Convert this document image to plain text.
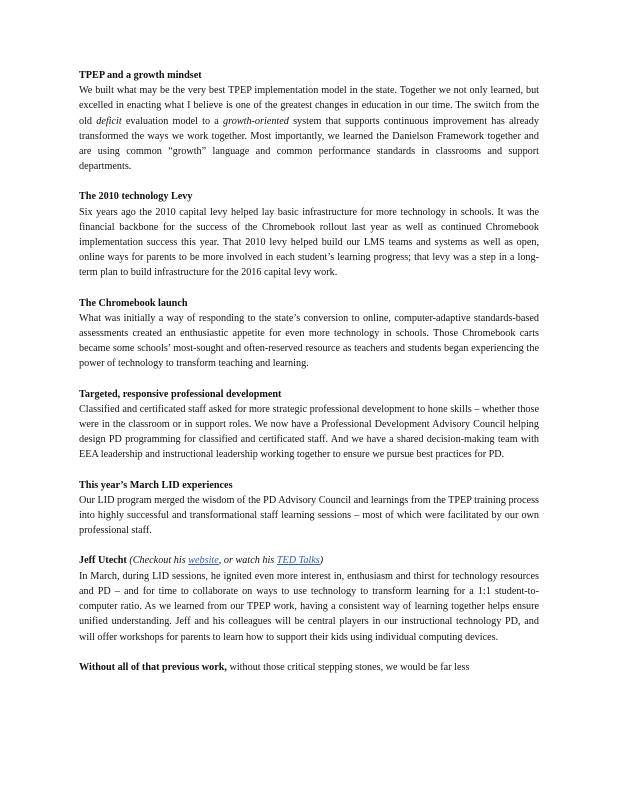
TPEP and a growth mindset
We built what may be the very best TPEP implementation model in the state. Together we not only learned, but excelled in enacting what I believe is one of the greatest changes in education in our time. The switch from the old deficit evaluation model to a growth-oriented system that supports continuous improvement has already transformed the ways we work together. Most importantly, we learned the Danielson Framework together and are using common “growth” language and common performance standards in classrooms and support departments.
The 2010 technology Levy
Six years ago the 2010 capital levy helped lay basic infrastructure for more technology in schools. It was the financial backbone for the success of the Chromebook rollout last year as well as continued Chromebook implementation success this year. That 2010 levy helped build our LMS teams and systems as well as open, online ways for parents to be more involved in each student’s learning progress; that levy was a step in a long-term plan to build infrastructure for the 2016 capital levy work.
The Chromebook launch
What was initially a way of responding to the state’s conversion to online, computer-adaptive standards-based assessments created an enthusiastic appetite for even more technology in schools. Those Chromebook carts became some schools’ most-sought and often-reserved resource as teachers and students began experiencing the power of technology to transform teaching and learning.
Targeted, responsive professional development
Classified and certificated staff asked for more strategic professional development to hone skills – whether those were in the classroom or in support roles. We now have a Professional Development Advisory Council helping design PD programming for classified and certificated staff. And we have a shared decision-making team with EEA leadership and instructional leadership working together to ensure we pursue best practices for PD.
This year’s March LID experiences
Our LID program merged the wisdom of the PD Advisory Council and learnings from the TPEP training process into highly successful and transformational staff learning sessions – most of which were facilitated by our own professional staff.
Jeff Utecht (Checkout his website, or watch his TED Talks)
In March, during LID sessions, he ignited even more interest in, enthusiasm and thirst for technology resources and PD – and for time to collaborate on ways to use technology to transform learning for a 1:1 student-to-computer ratio. As we learned from our TPEP work, having a consistent way of learning together helps ensure unified understanding. Jeff and his colleagues will be central players in our instructional technology PD, and will offer workshops for parents to learn how to support their kids using individual computing devices.
Without all of that previous work, without those critical stepping stones, we would be far less
